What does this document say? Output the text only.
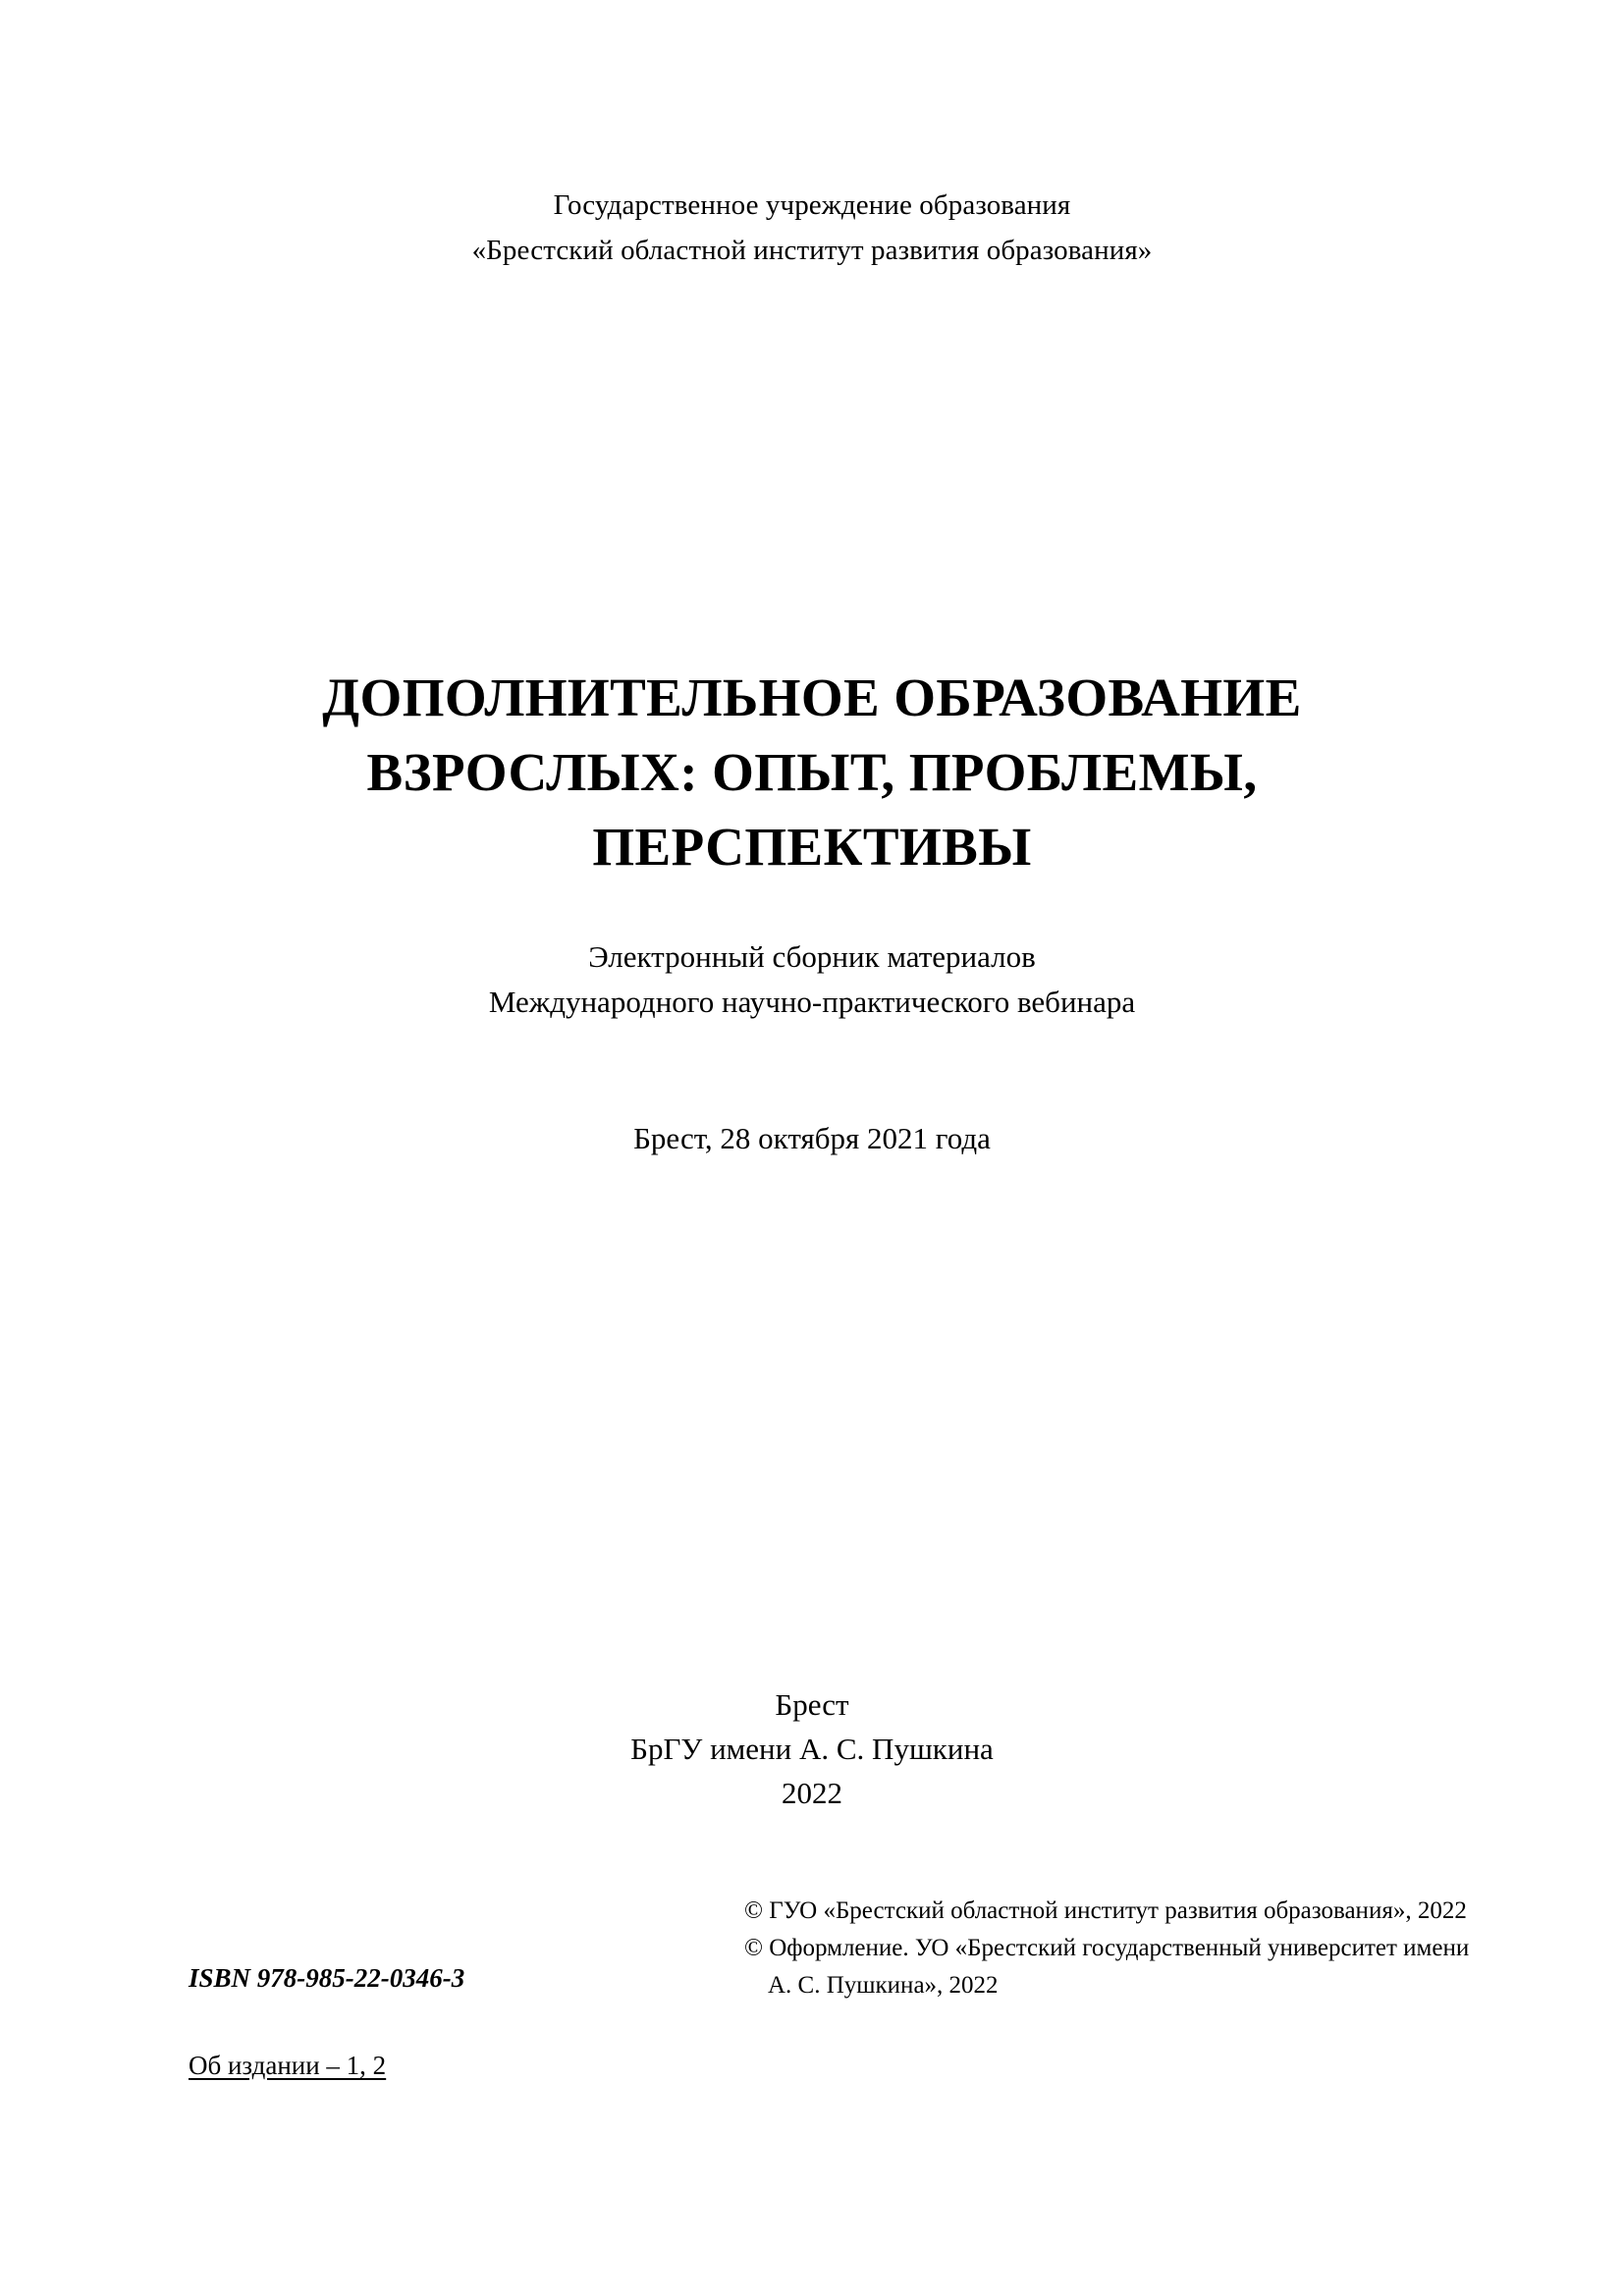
Государственное учреждение образования
«Брестский областной институт развития образования»
ДОПОЛНИТЕЛЬНОЕ ОБРАЗОВАНИЕ
ВЗРОСЛЫХ: ОПЫТ, ПРОБЛЕМЫ,
ПЕРСПЕКТИВЫ
Электронный сборник материалов
Международного научно-практического вебинара
Брест, 28 октября 2021 года
Брест
БрГУ имени А. С. Пушкина
2022
© ГУО «Брестский областной институт развития образования», 2022
© Оформление. УО «Брестский государственный университет имени А. С. Пушкина», 2022
ISBN 978-985-22-0346-3
Об издании – 1, 2
